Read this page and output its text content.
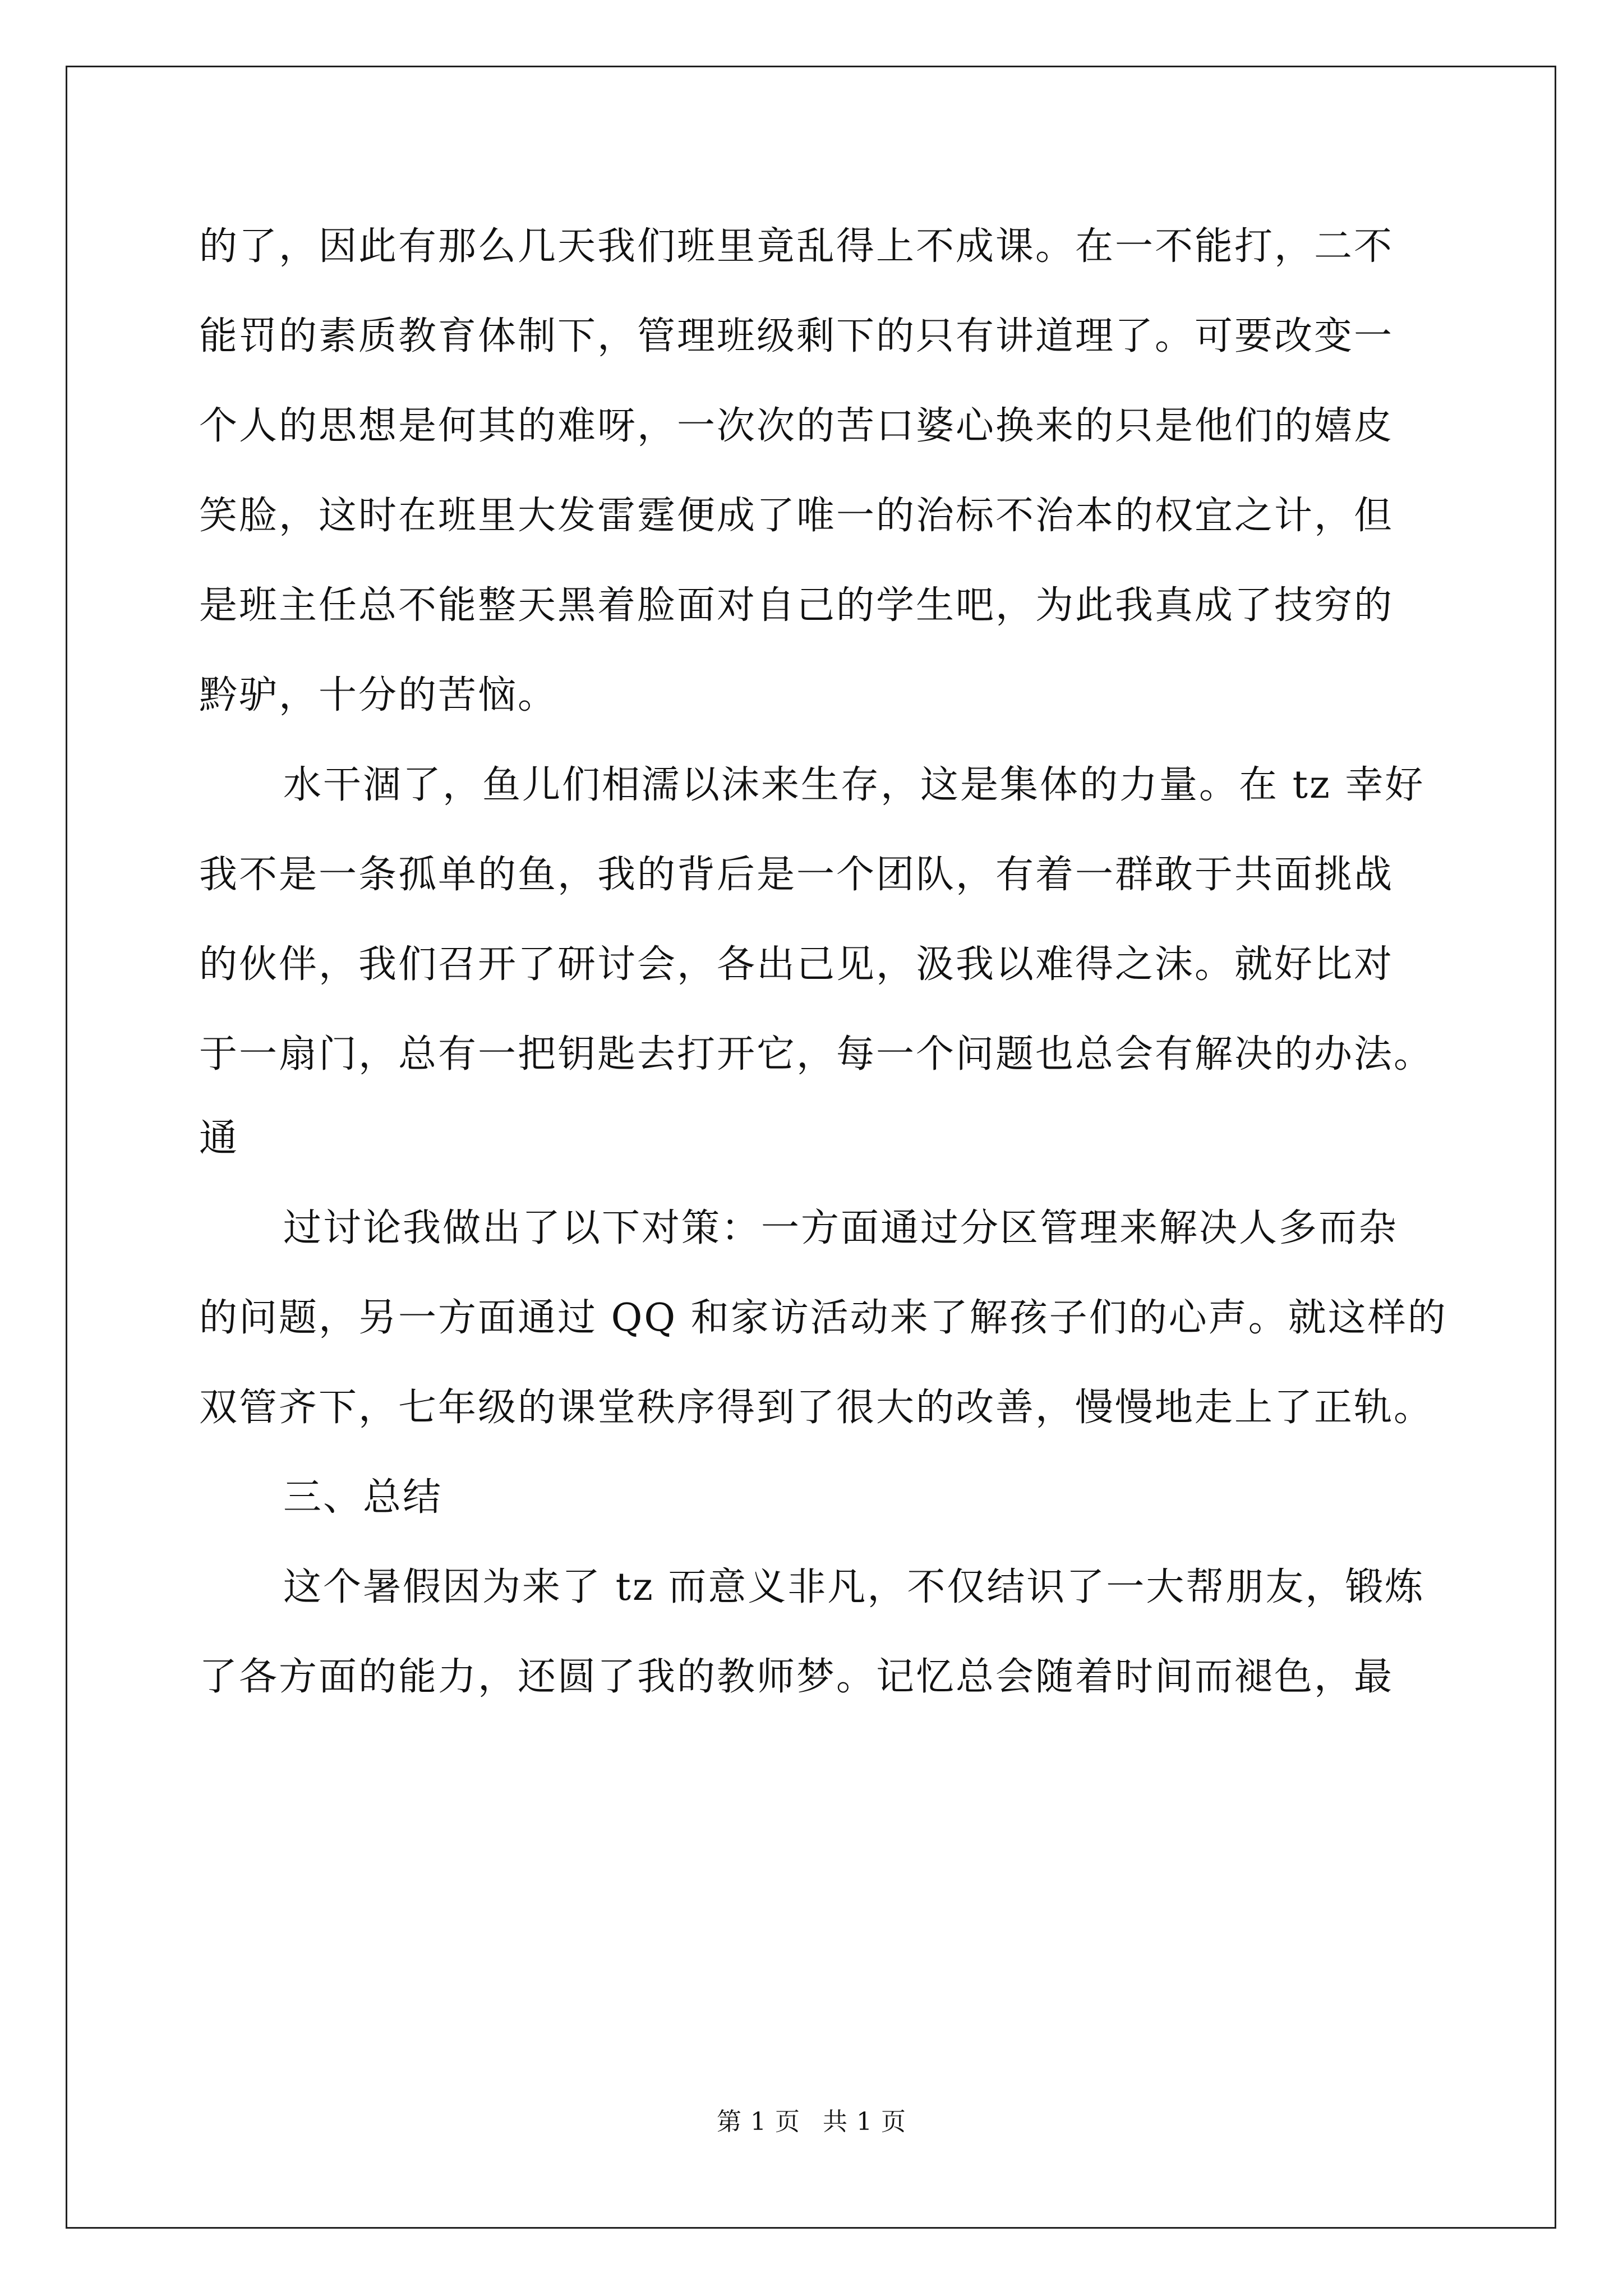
的了，因此有那么几天我们班里竟乱得上不成课。在一不能打，二不
能罚的素质教育体制下，管理班级剩下的只有讲道理了。可要改变一
个人的思想是何其的难呀，一次次的苦口婆心换来的只是他们的嬉皮
笑脸，这时在班里大发雷霆便成了唯一的治标不治本的权宜之计，但
是班主任总不能整天黑着脸面对自己的学生吧，为此我真成了技穷的
黔驴，十分的苦恼。
水干涸了，鱼儿们相濡以沫来生存，这是集体的力量。在 tz 幸好
我不是一条孤单的鱼，我的背后是一个团队，有着一群敢于共面挑战
的伙伴，我们召开了研讨会，各出己见，汲我以难得之沫。就好比对
于一扇门，总有一把钥匙去打开它，每一个问题也总会有解决的办法。
通
过讨论我做出了以下对策：一方面通过分区管理来解决人多而杂
的问题，另一方面通过 QQ 和家访活动来了解孩子们的心声。就这样的
双管齐下，七年级的课堂秩序得到了很大的改善，慢慢地走上了正轨。
三、总结
这个暑假因为来了 tz 而意义非凡，不仅结识了一大帮朋友，锻炼
了各方面的能力，还圆了我的教师梦。记忆总会随着时间而褪色，最
第 1 页 共 1 页
